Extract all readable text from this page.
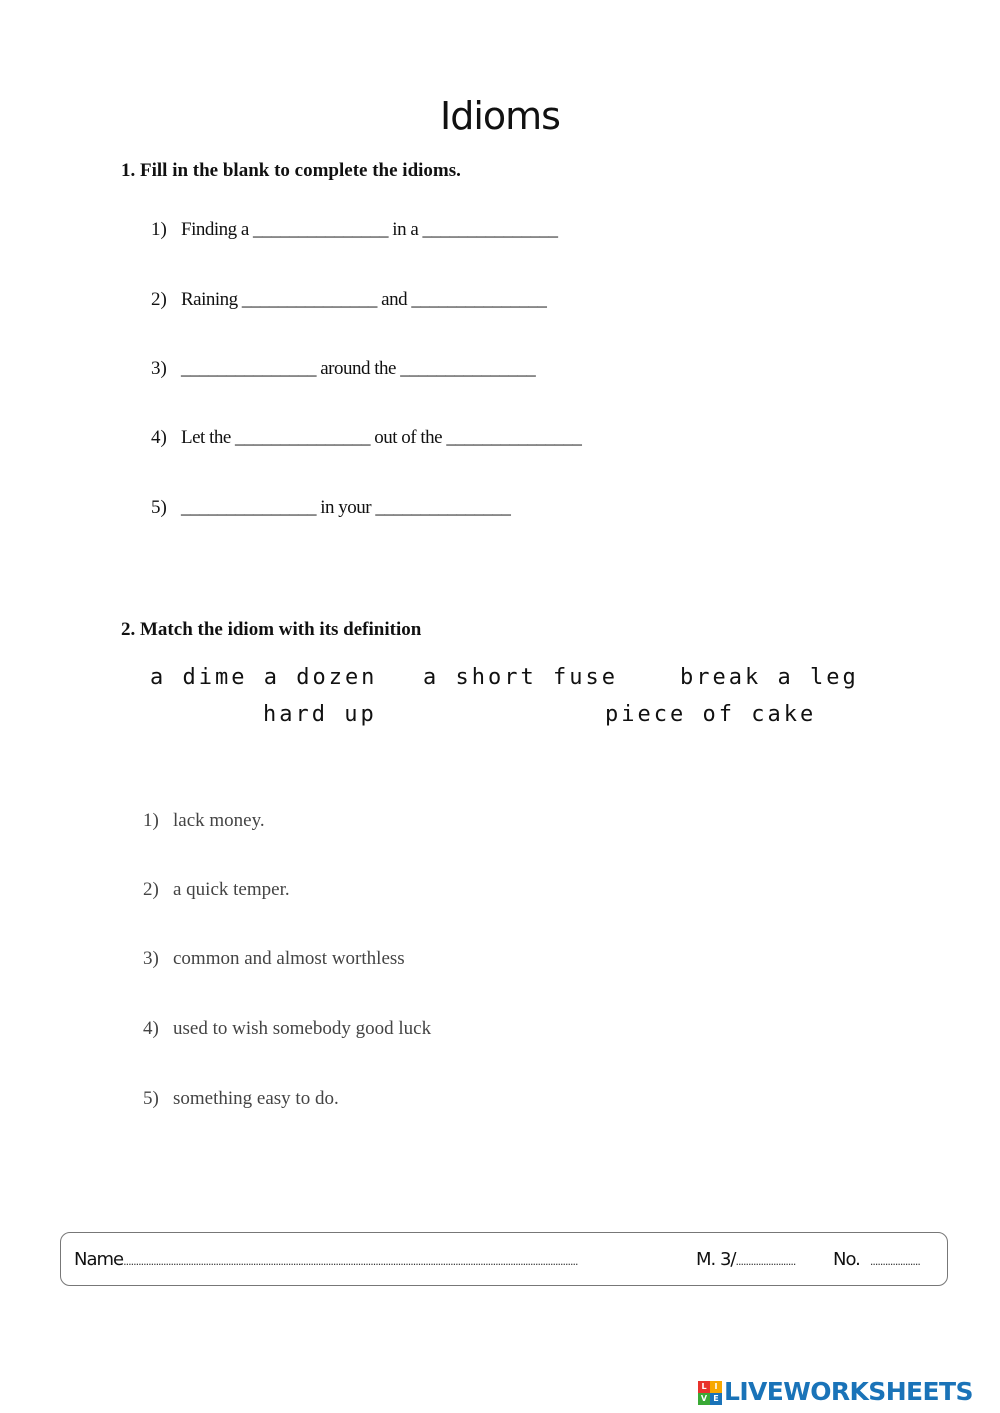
Idioms
1. Fill in the blank to complete the idioms.
1) Finding a _______________ in a _______________
2) Raining _______________ and _______________
3) _______________ around the _______________
4) Let the _______________ out of the _______________
5) _______________ in your _______________
2. Match the idiom with its definition
a dime a dozen a short fuse	break a leg
hard up	piece of cake
1) lack money.
2) a quick temper.
3) common and almost worthless
4) used to wish somebody good luck
5) something easy to do.
Name......................................................................................................................................................................................	M. 3/........................ No. ....................
L I
V E LIVEWORKSHEETS
